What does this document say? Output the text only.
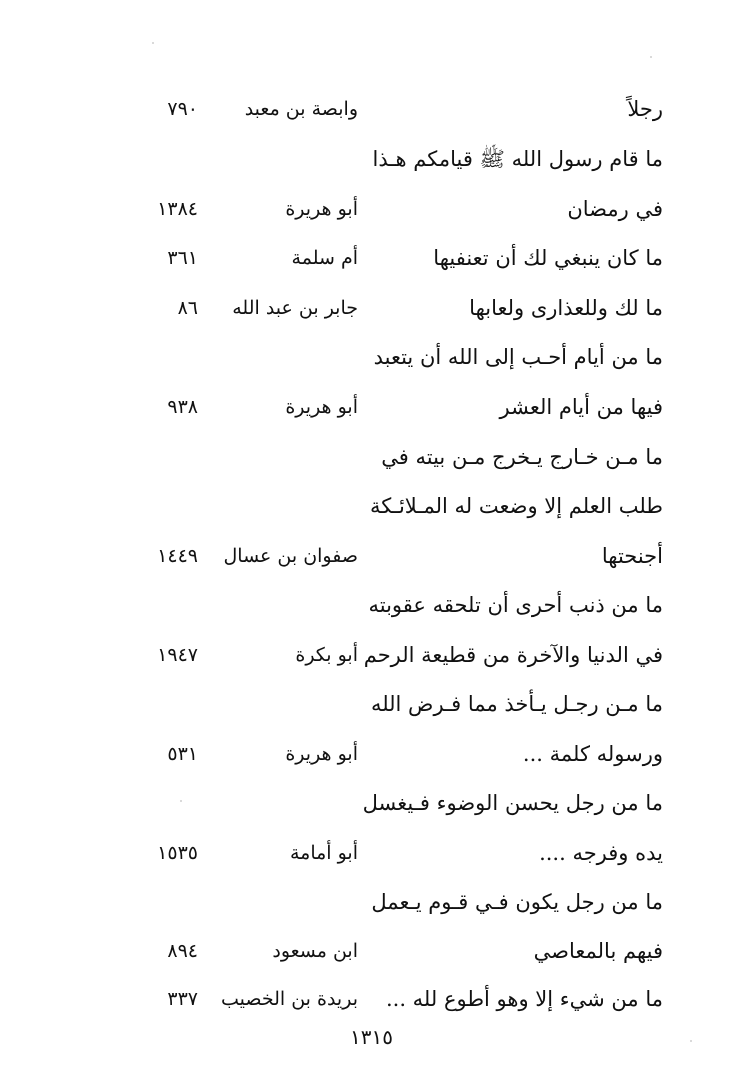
رجلاً
وابصة بن معبد
٧٩٠
ما قام رسول الله ﷺ قيامكم هـذا
في رمضان
أبو هريرة
١٣٨٤
ما كان ينبغي لك أن تعنفيها
أم سلمة
٣٦١
ما لك وللعذارى ولعابها
جابر بن عبد الله
٨٦
ما من أيام أحـب إلى الله أن يتعبد
فيها من أيام العشر
أبو هريرة
٩٣٨
ما مـن خـارج يـخرج مـن بيته في
طلب العلم إلا وضعت له المـلائـكة
أجنحتها
صفوان بن عسال
١٤٤٩
ما من ذنب أحرى أن تلحقه عقوبته
في الدنيا والآخرة من قطيعة الرحم
أبو بكرة
١٩٤٧
ما مـن رجـل يـأخذ مما فـرض الله
ورسوله كلمة ...
أبو هريرة
٥٣١
ما من رجل يحسن الوضوء فـيغسل
يده وفرجه ....
أبو أمامة
١٥٣٥
ما من رجل يكون فـي قـوم يـعمل
فيهم بالمعاصي
ابن مسعود
٨٩٤
ما من شيء إلا وهو أطوع لله ...
بريدة بن الخصيب
٣٣٧
١٣١٥
